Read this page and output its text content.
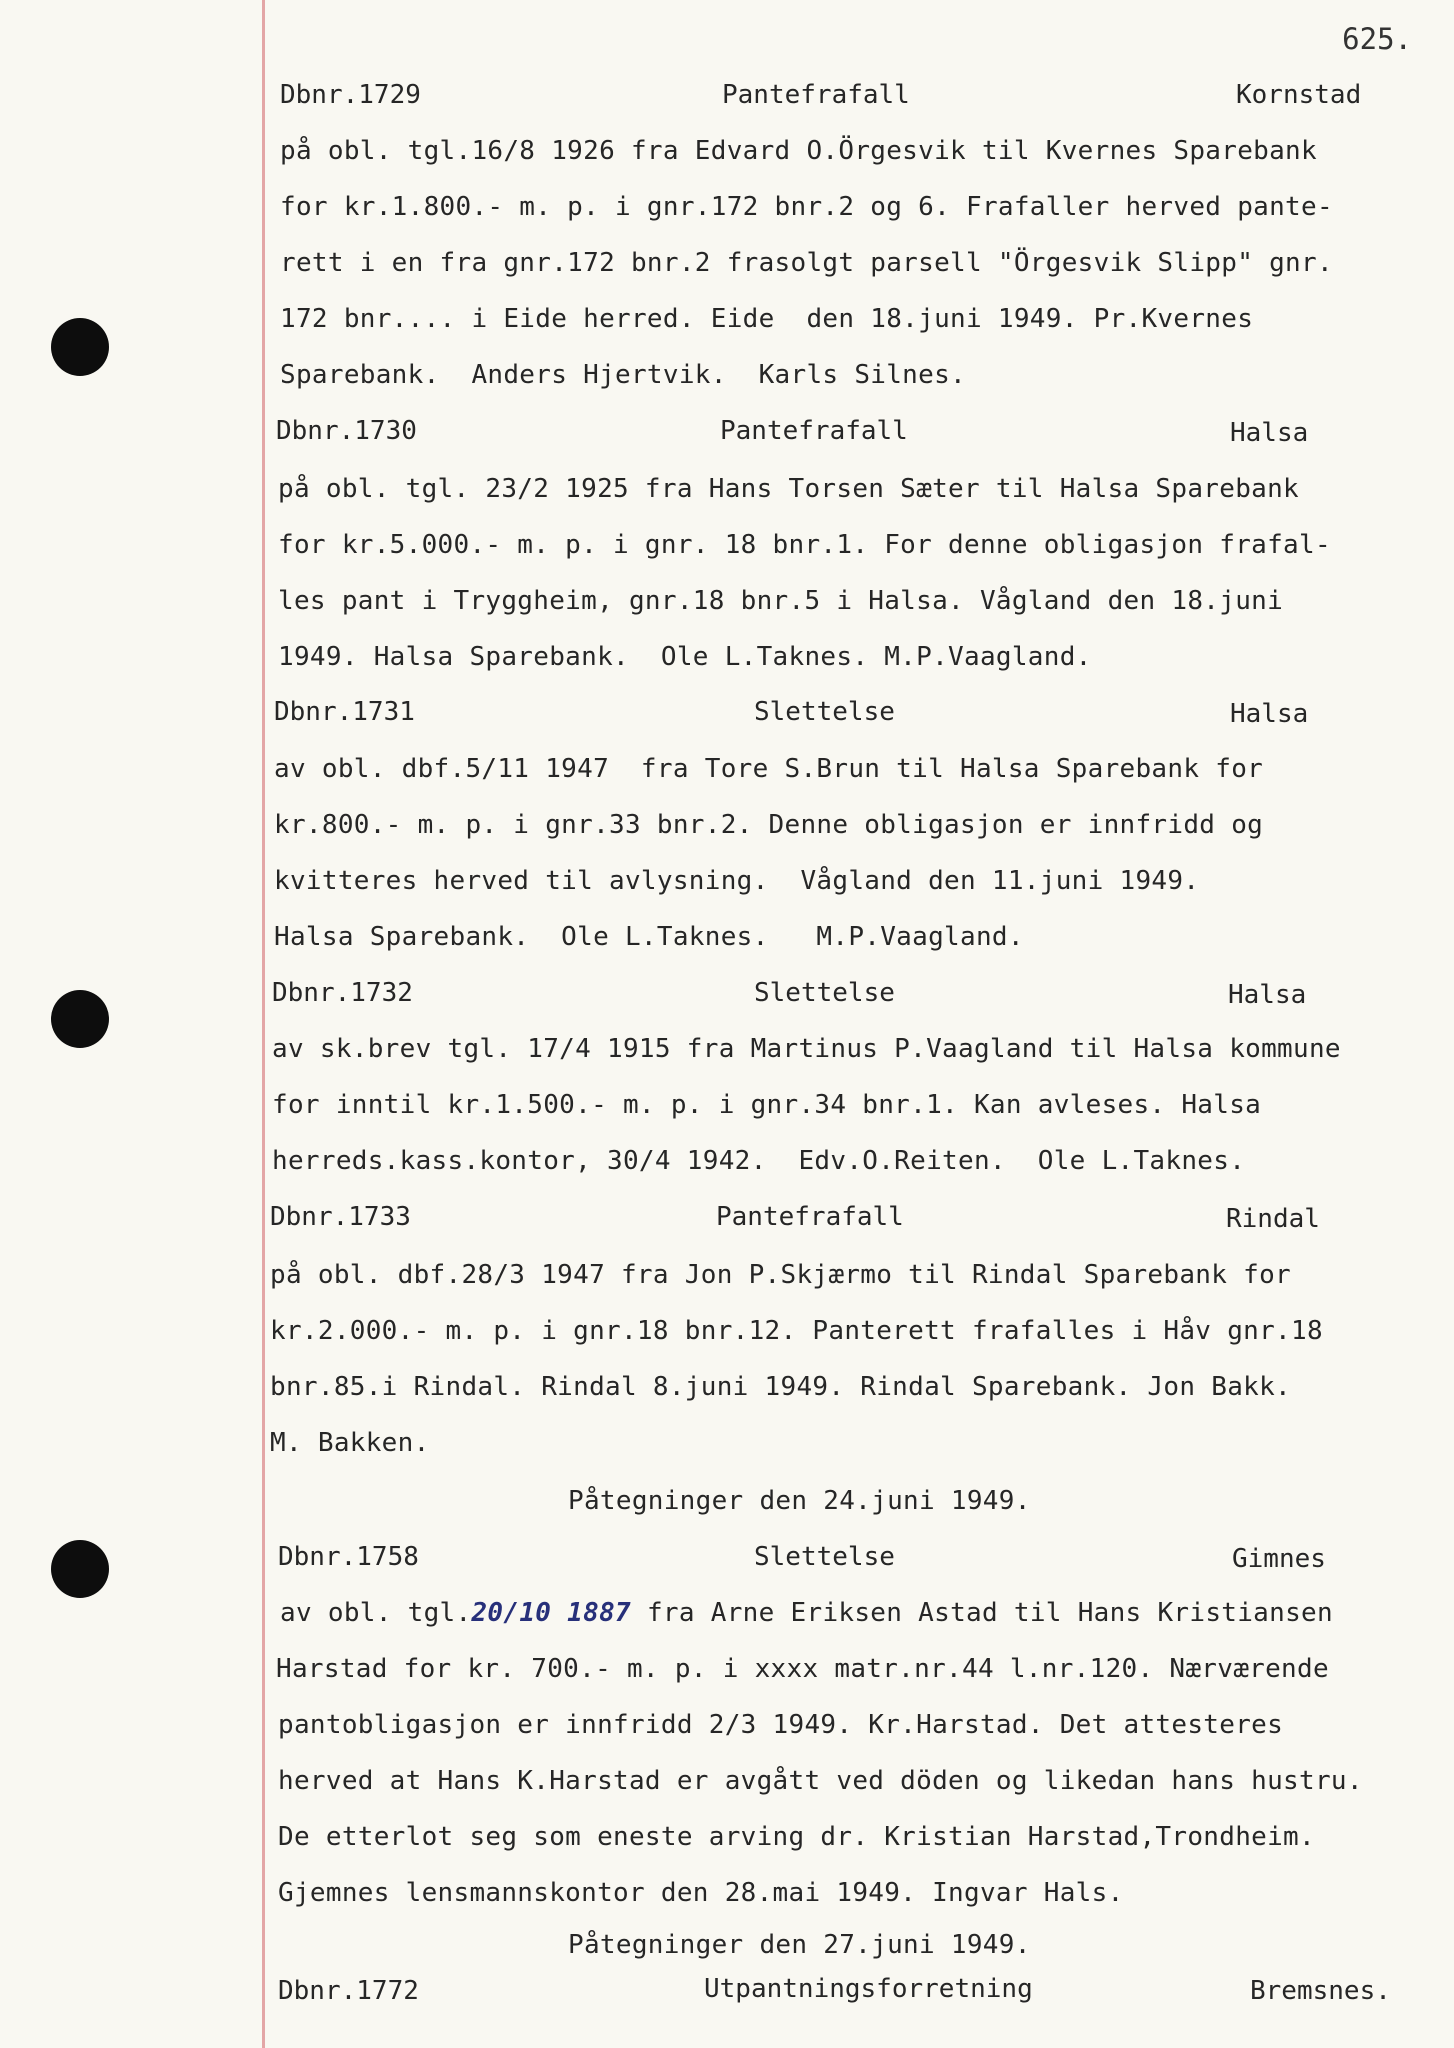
625.
Dbnr.1729	Pantefrafall	Kornstad
på obl. tgl.16/8 1926 fra Edvard O.Örgesvik til Kvernes Sparebank
for kr.1.800.- m. p. i gnr.172 bnr.2 og 6. Frafaller herved pante-
rett i en fra gnr.172 bnr.2 frasolgt parsell "Örgesvik Slipp" gnr.
172 bnr.... i Eide herred. Eide  den 18.juni 1949. Pr.Kvernes
Sparebank.  Anders Hjertvik.  Karls Silnes.
Dbnr.1730	Pantefrafall	Halsa
på obl. tgl. 23/2 1925 fra Hans Torsen Sæter til Halsa Sparebank
for kr.5.000.- m. p. i gnr. 18 bnr.1. For denne obligasjon frafal-
les pant i Tryggheim, gnr.18 bnr.5 i Halsa. Vågland den 18.juni
1949. Halsa Sparebank.  Ole L.Taknes. M.P.Vaagland.
Dbnr.1731	Slettelse	Halsa
av obl. dbf.5/11 1947  fra Tore S.Brun til Halsa Sparebank for
kr.800.- m. p. i gnr.33 bnr.2. Denne obligasjon er innfridd og
kvitteres herved til avlysning.  Vågland den 11.juni 1949.
Halsa Sparebank.  Ole L.Taknes.   M.P.Vaagland.
Dbnr.1732	Slettelse	Halsa
av sk.brev tgl. 17/4 1915 fra Martinus P.Vaagland til Halsa kommune
for inntil kr.1.500.- m. p. i gnr.34 bnr.1. Kan avleses. Halsa
herreds.kass.kontor, 30/4 1942.  Edv.O.Reiten.  Ole L.Taknes.
Dbnr.1733	Pantefrafall	Rindal
på obl. dbf.28/3 1947 fra Jon P.Skjærmo til Rindal Sparebank for
kr.2.000.- m. p. i gnr.18 bnr.12. Panterett frafalles i Håv gnr.18
bnr.85.i Rindal. Rindal 8.juni 1949. Rindal Sparebank. Jon Bakk.
M. Bakken.
Påtegninger den 24.juni 1949.
Dbnr.1758	Slettelse	Gimnes
av obl. tgl.20/10 1887 fra Arne Eriksen Astad til Hans Kristiansen
Harstad for kr. 700.- m. p. i xxxx matr.nr.44 l.nr.120. Nærværende
pantobligasjon er innfridd 2/3 1949. Kr.Harstad. Det attesteres
herved at Hans K.Harstad er avgått ved döden og likedan hans hustru.
De etterlot seg som eneste arving dr. Kristian Harstad,Trondheim.
Gjemnes lensmannskontor den 28.mai 1949. Ingvar Hals.
Påtegninger den 27.juni 1949.
Dbnr.1772	Utpantningsforretning	Bremsnes.
